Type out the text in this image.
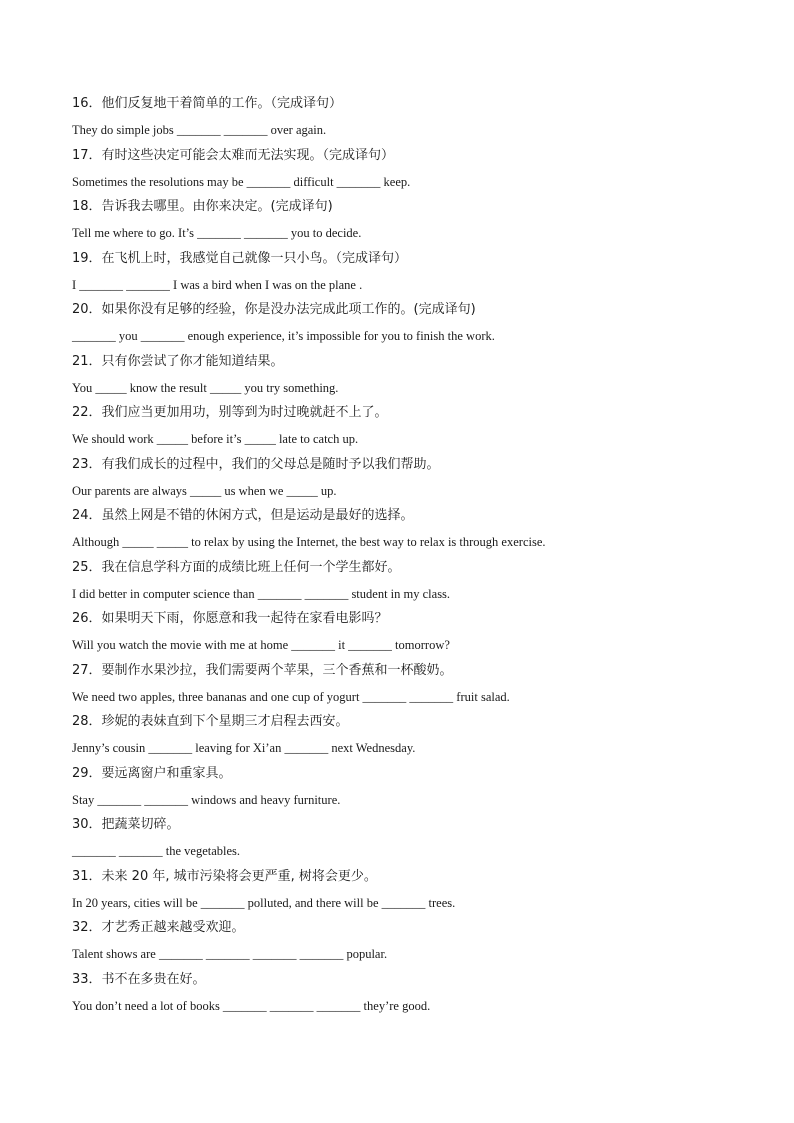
16．他们反复地干着简单的工作。（完成译句）
They do simple jobs _______ _______ over again.
17．有时这些决定可能会太难而无法实现。（完成译句）
Sometimes the resolutions may be _______ difficult _______ keep.
18．告诉我去哪里。由你来决定。(完成译句)
Tell me where to go. It’s _______ _______ you to decide.
19．在飞机上时，我感觉自己就像一只小鸟。（完成译句）
I _______ _______ I was a bird when I was on the plane .
20．如果你没有足够的经验，你是没办法完成此项工作的。(完成译句)
_______ you _______ enough experience, it’s impossible for you to finish the work.
21．只有你尝试了你才能知道结果。
You _____ know the result _____ you try something.
22．我们应当更加用功，别等到为时过晚就赶不上了。
We should work _____ before it’s _____ late to catch up.
23．有我们成长的过程中，我们的父母总是随时予以我们帮助。
Our parents are always _____ us when we _____ up.
24．虽然上网是不错的休闲方式，但是运动是最好的选择。
Although _____ _____ to relax by using the Internet, the best way to relax is through exercise.
25．我在信息学科方面的成绩比班上任何一个学生都好。
I did better in computer science than _______ _______ student in my class.
26．如果明天下雨，你愿意和我一起待在家看电影吗？
Will you watch the movie with me at home _______ it _______ tomorrow?
27．要制作水果沙拉，我们需要两个苹果，三个香蕉和一杯酸奶。
We need two apples, three bananas and one cup of yogurt _______ _______ fruit salad.
28．珍妮的表妹直到下个星期三才启程去西安。
Jenny’s cousin _______ leaving for Xi’an _______ next Wednesday.
29．要远离窗户和重家具。
Stay _______ _______ windows and heavy furniture.
30．把蔬菜切碎。
_______ _______ the vegetables.
31．未来 20 年, 城市污染将会更严重, 树将会更少。
In 20 years, cities will be _______ polluted, and there will be _______ trees.
32．才艺秀正越来越受欢迎。
Talent shows are _______ _______ _______ _______ popular.
33．书不在多贵在好。
You don’t need a lot of books _______ _______ _______ they’re good.
